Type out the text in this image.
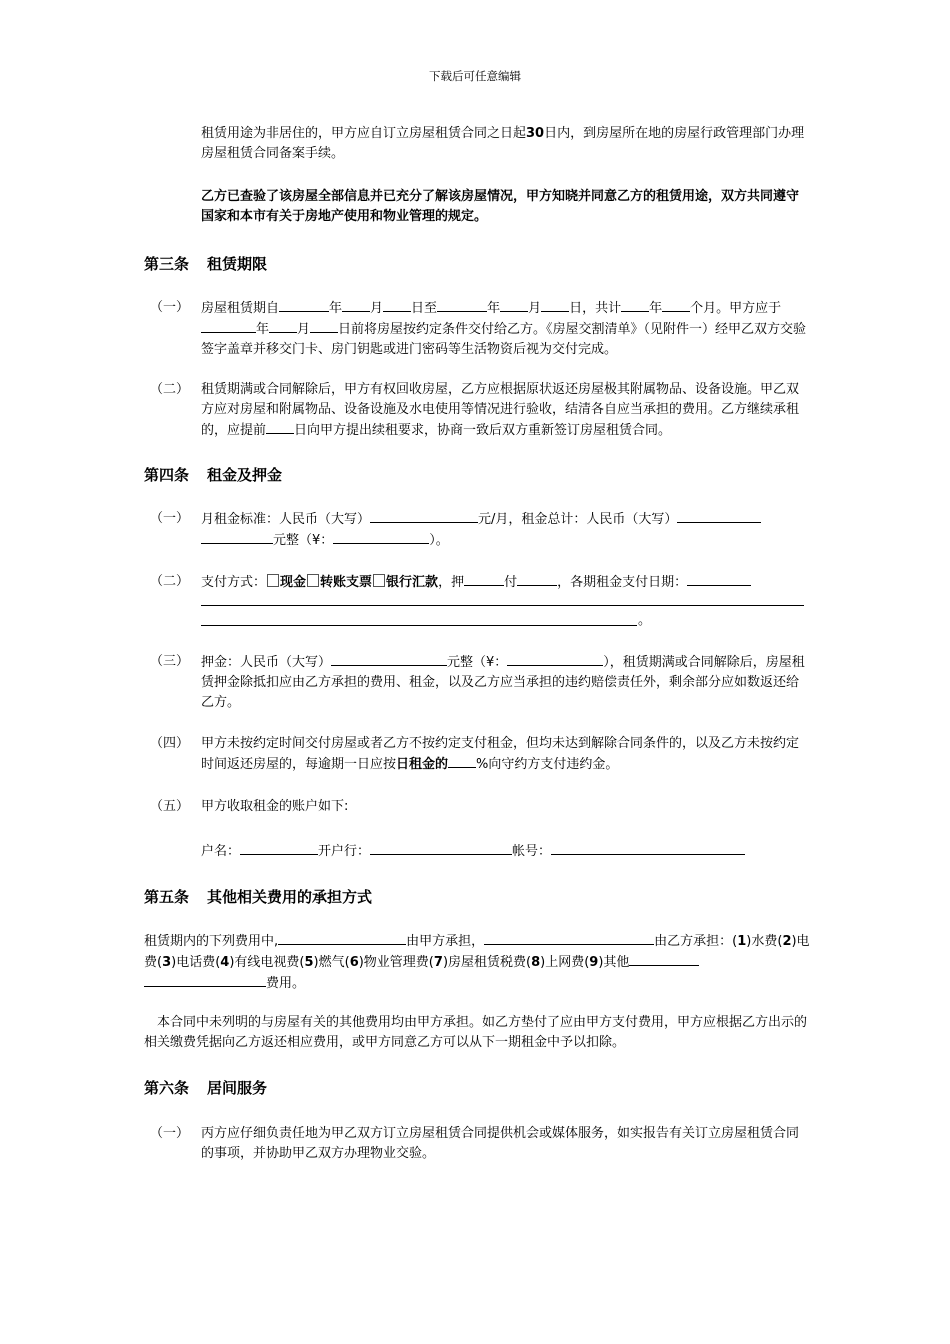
下载后可任意编辑
租赁用途为非居住的，甲方应自订立房屋租赁合同之日起30日内，到房屋所在地的房屋行政管理部门办理房屋租赁合同备案手续。
乙方已查验了该房屋全部信息并已充分了解该房屋情况，甲方知晓并同意乙方的租赁用途，双方共同遵守国家和本市有关于房地产使用和物业管理的规定。
第三条 租赁期限
（一） 房屋租赁期自	年 月 日至	年 月 日，共计 年 个月。甲方应于年 月 日前将房屋按约定条件交付给乙方。《房屋交割清单》（见附件一）经甲乙双方交验签字盖章并移交门卡、房门钥匙或进门密码等生活物资后视为交付完成。
（二） 租赁期满或合同解除后，甲方有权回收房屋，乙方应根据原状返还房屋极其附属物品、设备设施。甲乙双方应对房屋和附属物品、设备设施及水电使用等情况进行验收，结清各自应当承担的费用。乙方继续承租的，应提前 日向甲方提出续租要求，协商一致后双方重新签订房屋租赁合同。
第四条 租金及押金
（一） 月租金标准：人民币（大写）	元/月，租金总计：人民币（大写）
元整（¥：	）。
（二） 支付方式： 现金 转账支票 银行汇款，押	付	，各期租金支付日期：
。
（三） 押金：人民币（大写）	元整（¥：	），租赁期满或合同解除后，房屋租赁押金除抵扣应由乙方承担的费用、租金，以及乙方应当承担的违约赔偿责任外，剩余部分应如数返还给乙方。
（四） 甲方未按约定时间交付房屋或者乙方不按约定支付租金，但均未达到解除合同条件的，以及乙方未按约定时间返还房屋的，每逾期一日应按日租金的 %向守约方支付违约金。
（五） 甲方收取租金的账户如下:
户名：	开户行：	帐号：
第五条 其他相关费用的承担方式
租赁期内的下列费用中,	由甲方承担，	由乙方承担：(1)水费(2)电费(3)电话费(4)有线电视费(5)燃气(6)物业管理费(7)房屋租赁税费(8)上网费(9)其他
费用。
本合同中未列明的与房屋有关的其他费用均由甲方承担。如乙方垫付了应由甲方支付费用，甲方应根据乙方出示的相关缴费凭据向乙方返还相应费用，或甲方同意乙方可以从下一期租金中予以扣除。
第六条 居间服务
（一） 丙方应仔细负责任地为甲乙双方订立房屋租赁合同提供机会或媒体服务，如实报告有关订立房屋租赁合同的事项，并协助甲乙双方办理物业交验。
